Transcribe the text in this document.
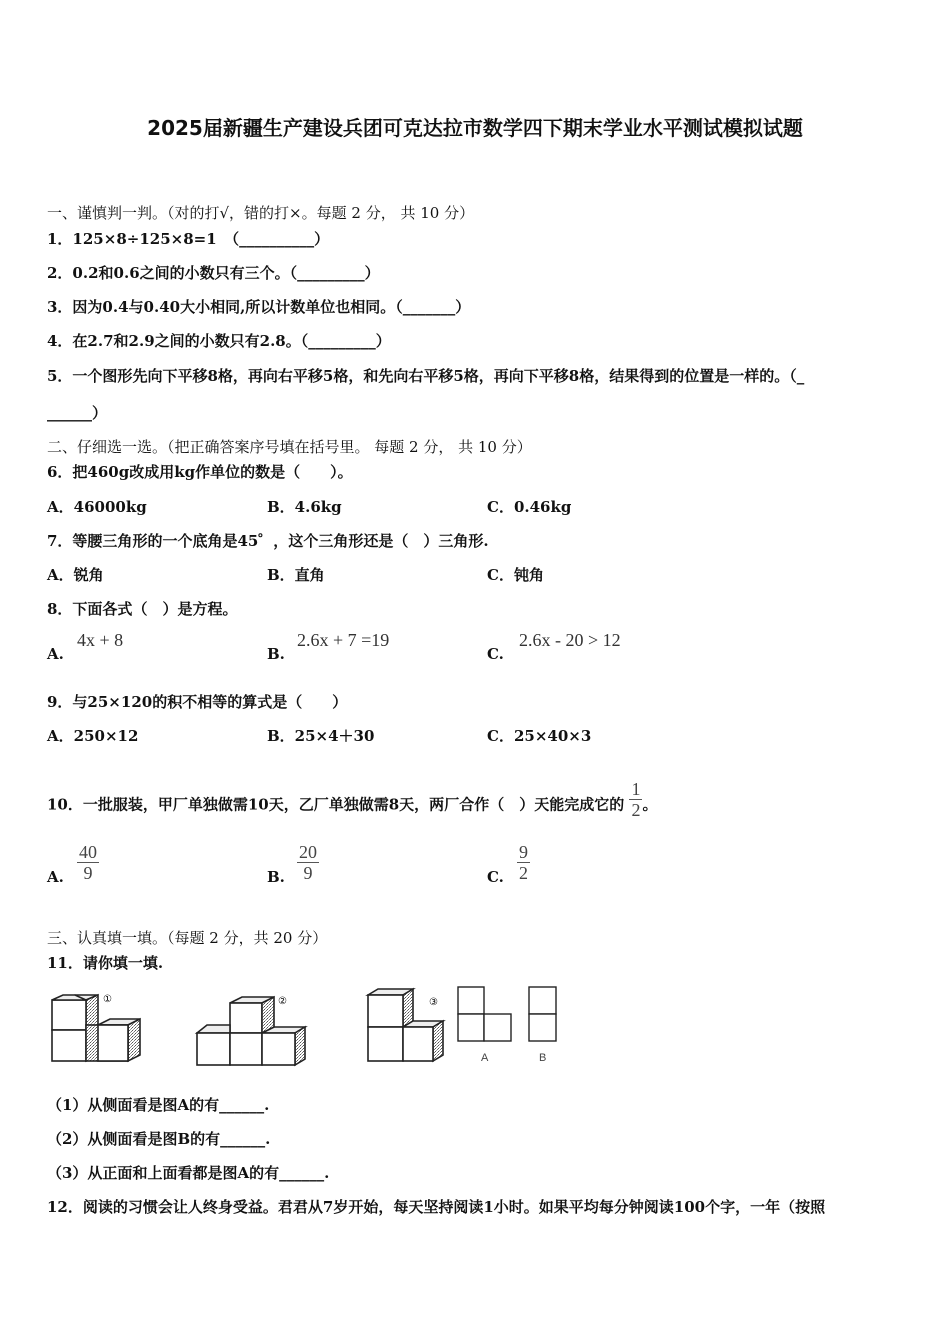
2025届新疆生产建设兵团可克达拉市数学四下期末学业水平测试模拟试题
一、谨慎判一判。（对的打√，错的打×。每题 2 分， 共 10 分）
1．125×8÷125×8=1　（__________）
2．0.2和0.6之间的小数只有三个。（_________）
3．因为0.4与0.40大小相同,所以计数单位也相同。（_______）
4．在2.7和2.9之间的小数只有2.8。（_________）
5．一个图形先向下平移8格，再向右平移5格，和先向右平移5格，再向下平移8格，结果得到的位置是一样的。（_
______）
二、仔细选一选。（把正确答案序号填在括号里。 每题 2 分， 共 10 分）
6．把460g改成用kg作单位的数是（　　）。
A．46000kg	B．4.6kg	C．0.46kg
7．等腰三角形的一个底角是45゜，这个三角形还是（　）三角形.
A．锐角	B．直角	C．钝角
8．下面各式（　）是方程。
A.
4x + 8
B.
2.6x + 7 =19
C.
2.6x - 20 > 12
9．与25×120的积不相等的算式是（　　）
A．250×12	B．25×4＋30	C．25×40×3
10．一批服装，甲厂单独做需10天，乙厂单独做需8天，两厂合作（　）天能完成它的 $\frac{1}{2}$ 。
A. $\frac{40}{9}$	B. $\frac{20}{9}$	C. $\frac{9}{2}$
三、认真填一填。（每题 2 分，共 20 分）
11．请你填一填.
①	②	③
A	B
（1）从侧面看是图A的有______.
（2）从侧面看是图B的有______.
（3）从正面和上面看都是图A的有______.
12．阅读的习惯会让人终身受益。君君从7岁开始，每天坚持阅读1小时。如果平均每分钟阅读100个字，一年（按照
